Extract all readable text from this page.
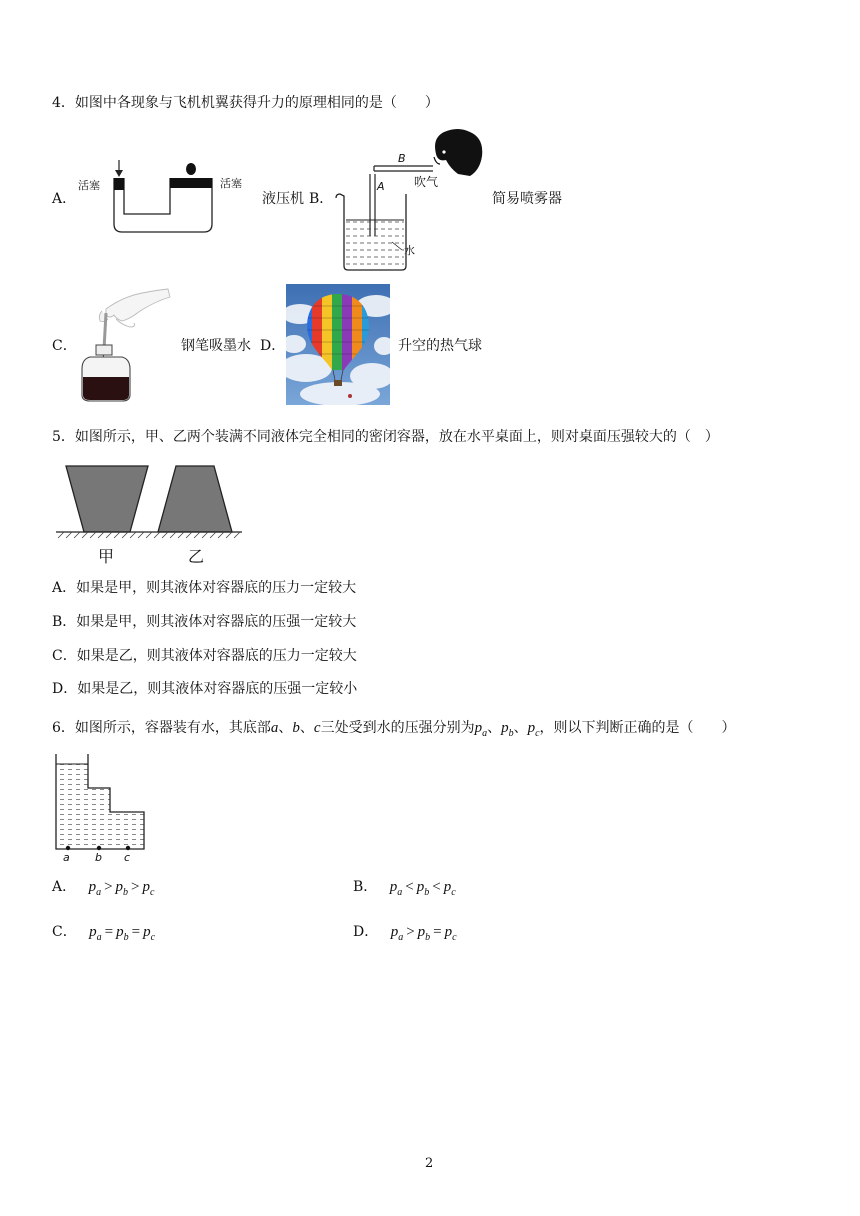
4．如图中各现象与飞机机翼获得升力的原理相同的是（　　）
A．
活塞	活塞
液压机 B．
B
A 吹气
水
简易喷雾器
C．	钢笔吸墨水 D．	升空的热气球
5．如图所示，甲、乙两个装满不同液体完全相同的密闭容器，放在水平桌面上，则对桌面压强较大的（　）
甲	乙
A．如果是甲，则其液体对容器底的压力一定较大
B．如果是甲，则其液体对容器底的压强一定较大
C．如果是乙，则其液体对容器底的压力一定较大
D．如果是乙，则其液体对容器底的压强一定较小
6．如图所示，容器装有水，其底部a、b、c三处受到水的压强分别为$p_a$、$p_b$、$p_c$，则以下判断正确的是（　　）
a b c
A． $p_a > p_b > p_c$	B． $p_a < p_b < p_c$
C． $p_a = p_b = p_c$	D． $p_a > p_b = p_c$
2
